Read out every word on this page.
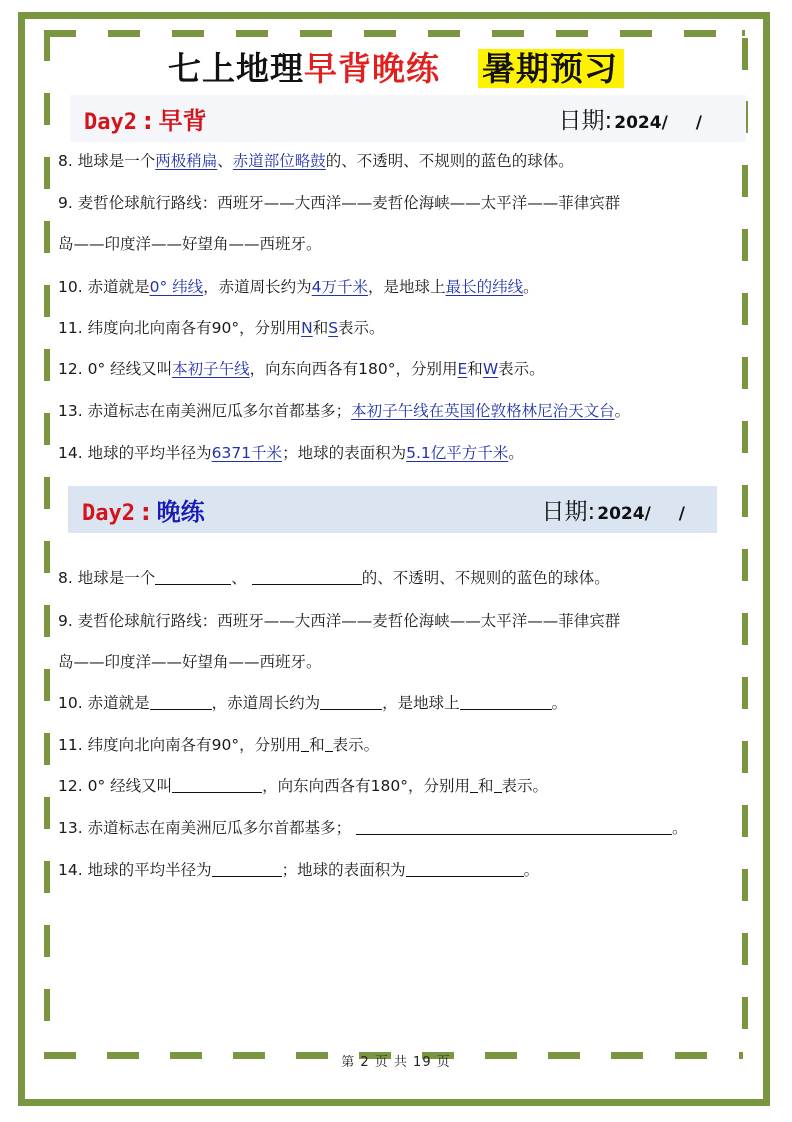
七上地理早背晚练 暑期预习
Day2 : 早背	日期: 2024/ /
8. 地球是一个两极稍扁、赤道部位略鼓的、不透明、不规则的蓝色的球体。
9. 麦哲伦球航行路线：西班牙——大西洋——麦哲伦海峡——太平洋——菲律宾群
岛——印度洋——好望角——西班牙。
10. 赤道就是0° 纬线，赤道周长约为4万千米，是地球上最长的纬线。
11. 纬度向北向南各有90°，分别用N和S表示。
12. 0° 经线又叫本初子午线，向东向西各有180°，分别用E和W表示。
13. 赤道标志在南美洲厄瓜多尔首都基多；本初子午线在英国伦敦格林尼治天文台。
14. 地球的平均半径为6371千米；地球的表面积为5.1亿平方千米。
Day2 : 晚练	日期: 2024/ /
8. 地球是一个	、	的、不透明、不规则的蓝色的球体。
9. 麦哲伦球航行路线：西班牙——大西洋——麦哲伦海峡——太平洋——菲律宾群
岛——印度洋——好望角——西班牙。
10. 赤道就是	，赤道周长约为	，是地球上	。
11. 纬度向北向南各有90°，分别用 和 表示。
12. 0° 经线又叫	，向东向西各有180°，分别用 和 表示。
13. 赤道标志在南美洲厄瓜多尔首都基多；	。
14. 地球的平均半径为	；地球的表面积为	。
第 2 页 共 19 页
